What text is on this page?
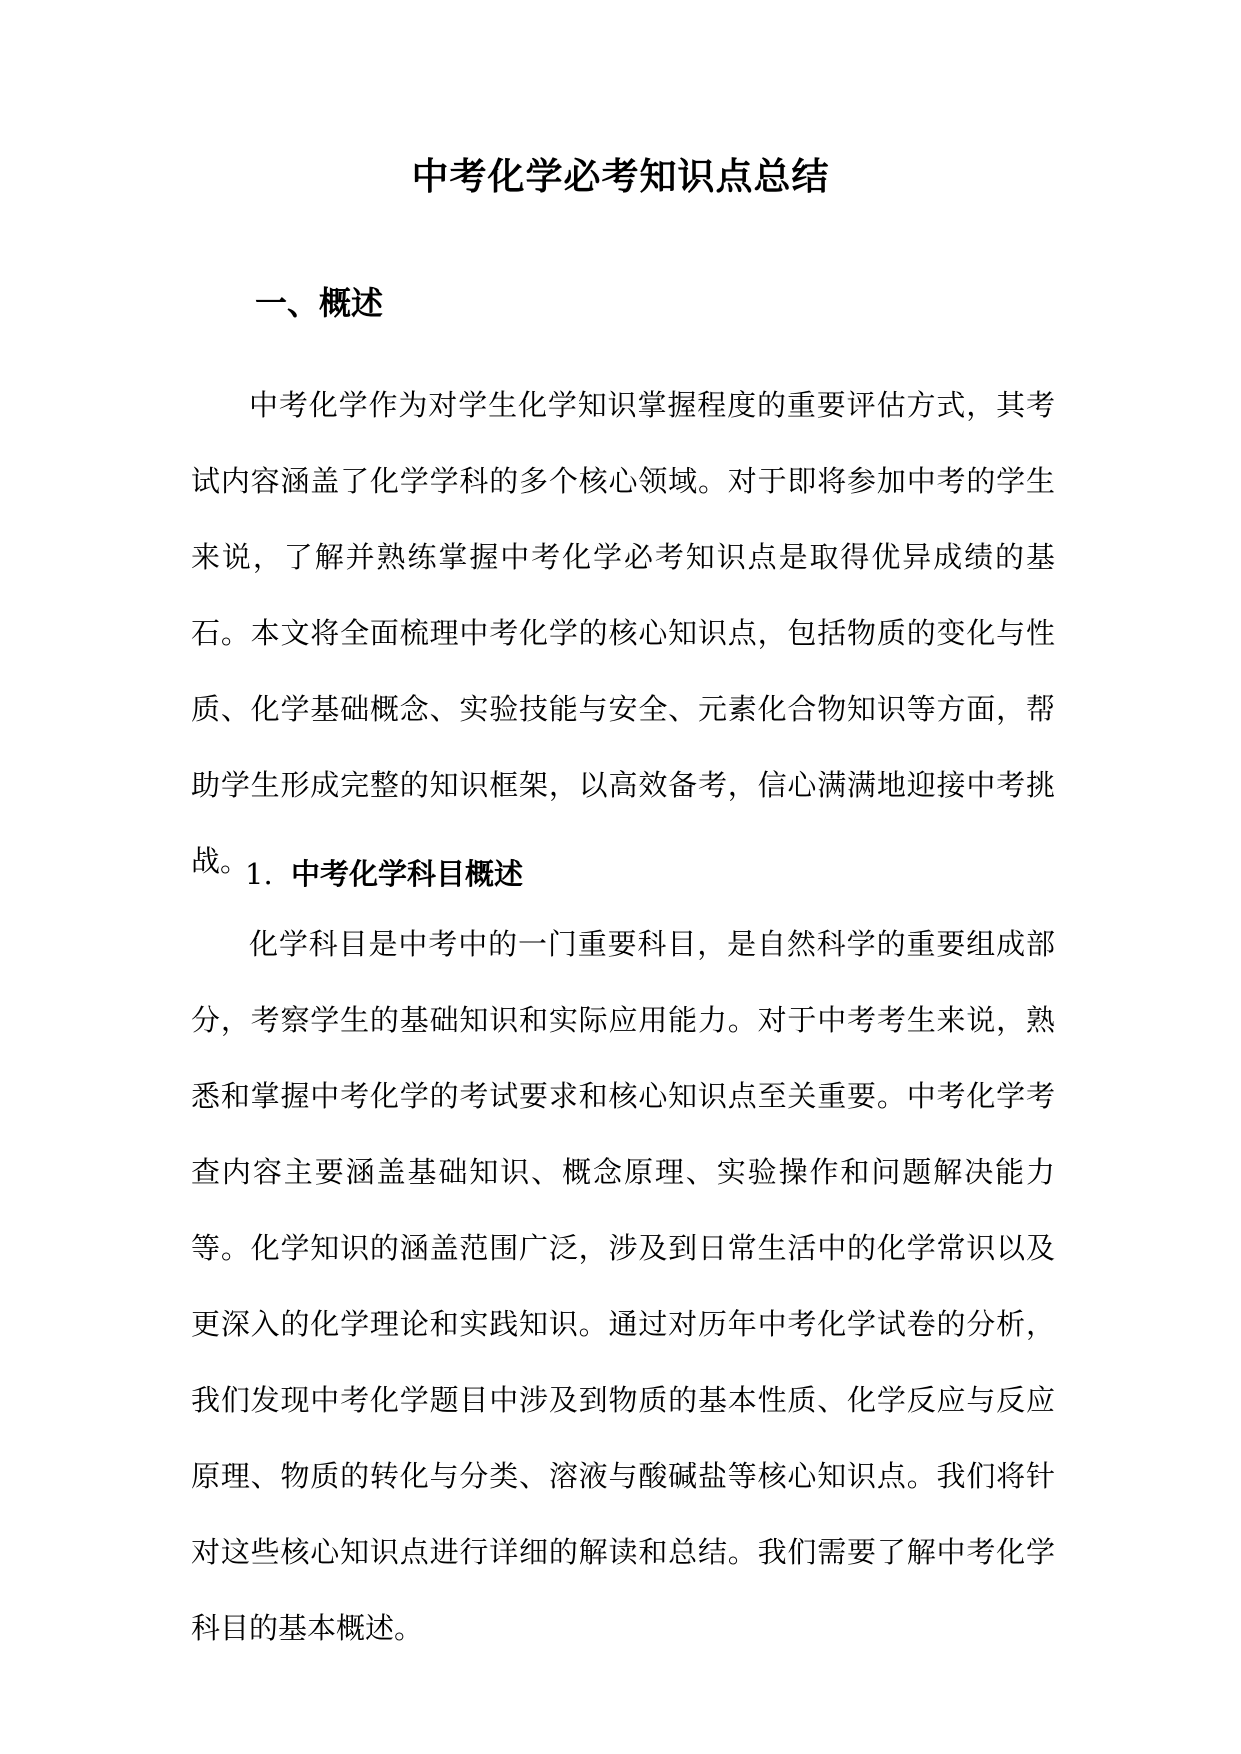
中考化学必考知识点总结
一、概述

中考化学作为对学生化学知识掌握程度的重要评估方式，其考试内容涵盖了化学学科的多个核心领域。对于即将参加中考的学生来说，了解并熟练掌握中考化学必考知识点是取得优异成绩的基石。本文将全面梳理中考化学的核心知识点，包括物质的变化与性质、化学基础概念、实验技能与安全、元素化合物知识等方面，帮助学生形成完整的知识框架，以高效备考，信心满满地迎接中考挑战。

1. 中考化学科目概述

化学科目是中考中的一门重要科目，是自然科学的重要组成部分，考察学生的基础知识和实际应用能力。对于中考考生来说，熟悉和掌握中考化学的考试要求和核心知识点至关重要。中考化学考查内容主要涵盖基础知识、概念原理、实验操作和问题解决能力等。化学知识的涵盖范围广泛，涉及到日常生活中的化学常识以及更深入的化学理论和实践知识。通过对历年中考化学试卷的分析，我们发现中考化学题目中涉及到物质的基本性质、化学反应与反应原理、物质的转化与分类、溶液与酸碱盐等核心知识点。我们将针对这些核心知识点进行详细的解读和总结。我们需要了解中考化学科目的基本概述。
